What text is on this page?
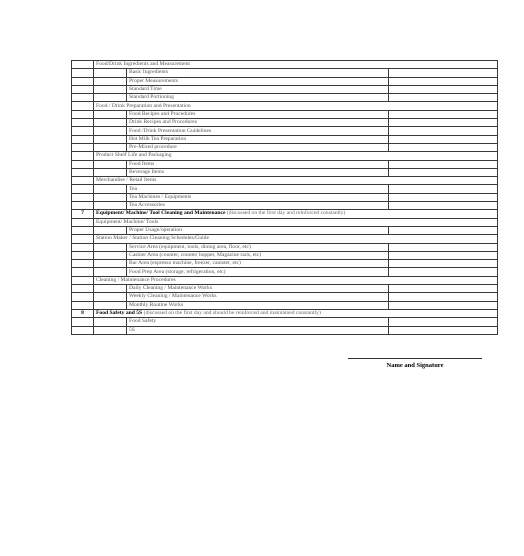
	Food/Drink Ingredients and Measurement		
		Basic Ingredients	
		Proper Measurements	
		Standard Time	
		Standard Portioning	
	Food / Drink Preparation and Presentation		
		Food Recipes and Procedures	
		Drink Recipes and Procedures	
		Food /Drink Presentation Guidelines	
		Hot Milk Tea Preparation	
		Pre-Mixed procedure	
	Product Shelf Life and Packaging		
		Food Items	
		Beverage Items	
	Merchandise / Retail Items		
		Tea	
		Tea Machines / Equipments	
		Tea Accessories	
7	Equipment/ Machine/ Tool Cleaning and Maintenance (discussed on the first day and reinforced constantly)		
	Equipment/ Machine/ Tools		
		Proper Usage/operation	
	Station Maker / Station Cleaning Schedules/Guide		
		Service Area (equipment, tools, dining area, floor, etc)	
		Cashier Area (counter, counter hopper, Magazine rack, etc)	
		Bar Area (espresso machine, freezer, canister, etc)	
		Food Prep Area (storage, refrigeration, etc)	
	Cleaning / Maintenance Procedures		
		Daily Cleaning / Maintenance Works	
		Weekly Cleaning / Maintenance Works	
		Monthly Routine Works	
8	Food Safety and 5S (discussed on the first day and should be reinforced and maintained constantly)		
		Food Safety	
		5S	
Name and Signature
